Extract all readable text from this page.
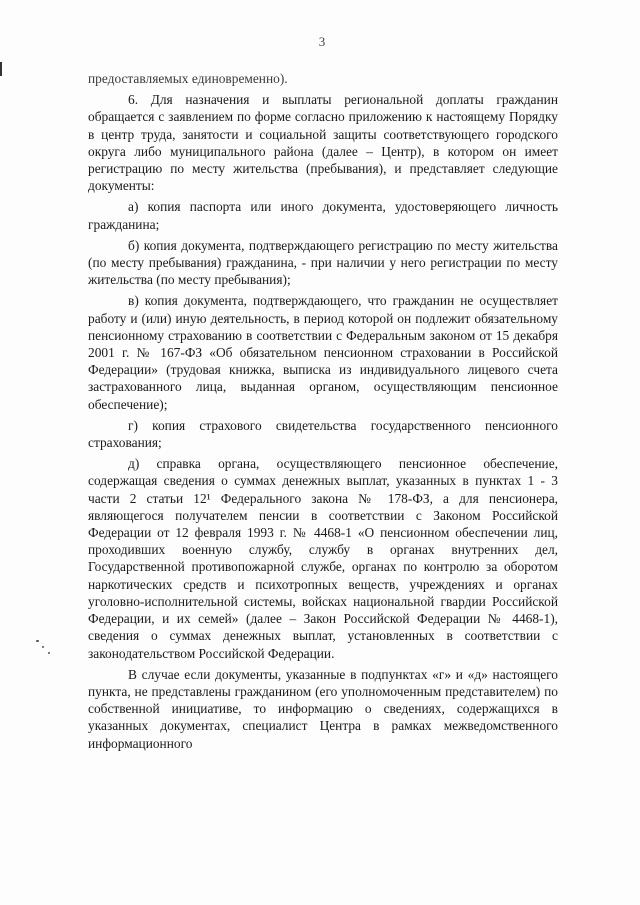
3

предоставляемых единовременно).

6. Для назначения и выплаты региональной доплаты гражданин обращается с заявлением по форме согласно приложению к настоящему Порядку в центр труда, занятости и социальной защиты соответствующего городского округа либо муниципального района (далее – Центр), в котором он имеет регистрацию по месту жительства (пребывания), и представляет следующие документы:

а) копия паспорта или иного документа, удостоверяющего личность гражданина;

б) копия документа, подтверждающего регистрацию по месту жительства (по месту пребывания) гражданина, - при наличии у него регистрации по месту жительства (по месту пребывания);

в) копия документа, подтверждающего, что гражданин не осуществляет работу и (или) иную деятельность, в период которой он подлежит обязательному пенсионному страхованию в соответствии с Федеральным законом от 15 декабря 2001 г. № 167-ФЗ «Об обязательном пенсионном страховании в Российской Федерации» (трудовая книжка, выписка из индивидуального лицевого счета застрахованного лица, выданная органом, осуществляющим пенсионное обеспечение);

г) копия страхового свидетельства государственного пенсионного страхования;

д) справка органа, осуществляющего пенсионное обеспечение, содержащая сведения о суммах денежных выплат, указанных в пунктах 1 - 3 части 2 статьи 12¹ Федерального закона № 178-ФЗ, а для пенсионера, являющегося получателем пенсии в соответствии с Законом Российской Федерации от 12 февраля 1993 г. № 4468-1 «О пенсионном обеспечении лиц, проходивших военную службу, службу в органах внутренних дел, Государственной противопожарной службе, органах по контролю за оборотом наркотических средств и психотропных веществ, учреждениях и органах уголовно-исполнительной системы, войсках национальной гвардии Российской Федерации, и их семей» (далее – Закон Российской Федерации № 4468-1), сведения о суммах денежных выплат, установленных в соответствии с законодательством Российской Федерации.

В случае если документы, указанные в подпунктах «г» и «д» настоящего пункта, не представлены гражданином (его уполномоченным представителем) по собственной инициативе, то информацию о сведениях, содержащихся в указанных документах, специалист Центра в рамках межведомственного информационного
